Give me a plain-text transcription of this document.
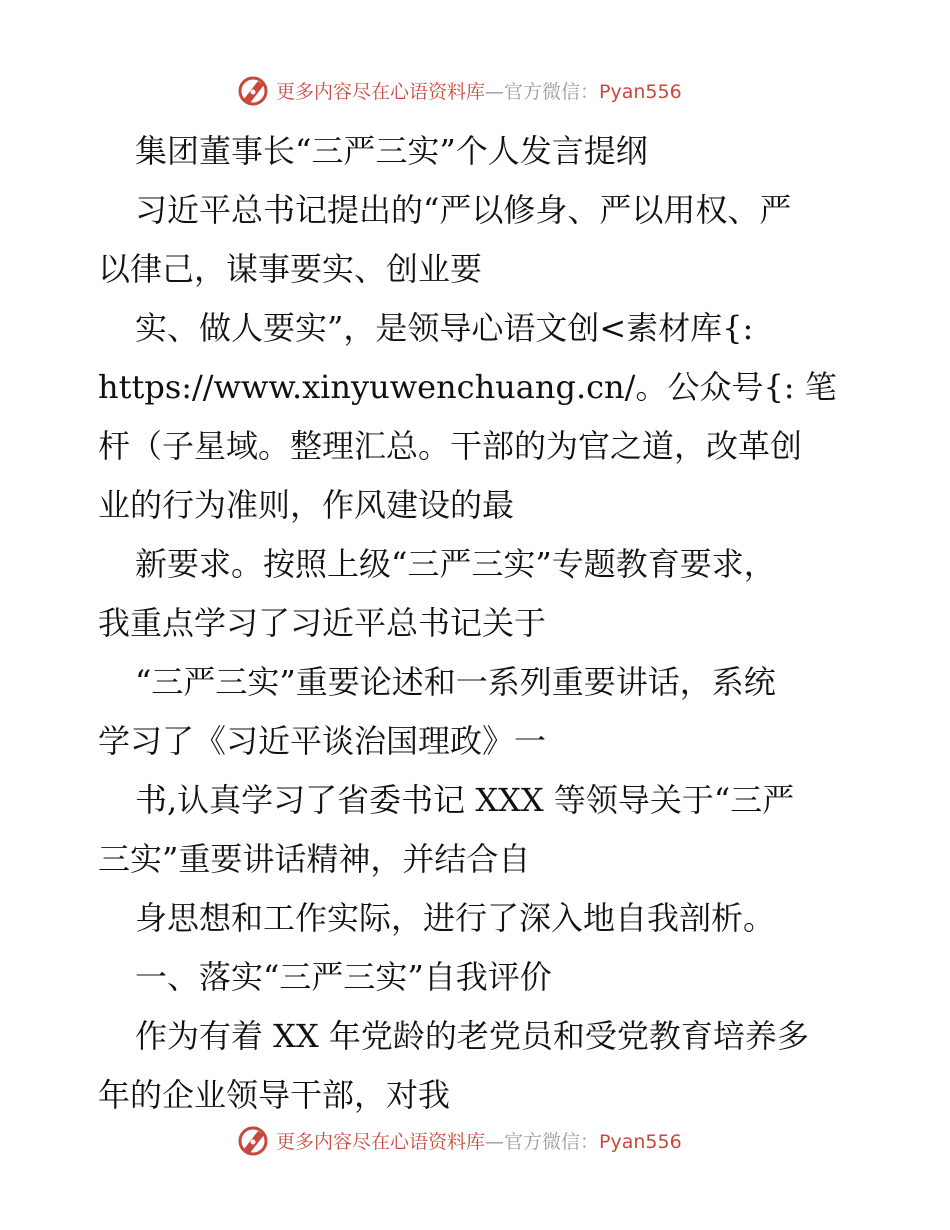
更多内容尽在心语资料库—官方微信：Pyan556
集团董事长“三严三实”个人发言提纲
习近平总书记提出的“严以修身、严以用权、严
以律己，谋事要实、创业要
实、做人要实”，是领导心语文创<素材库{:
https://www.xinyuwenchuang.cn/。公众号{: 笔
杆（子星域。整理汇总。干部的为官之道，改革创
业的行为准则，作风建设的最
新要求。按照上级“三严三实”专题教育要求，
我重点学习了习近平总书记关于
“三严三实”重要论述和一系列重要讲话，系统
学习了《习近平谈治国理政》一
书,认真学习了省委书记 XXX 等领导关于“三严
三实”重要讲话精神，并结合自
身思想和工作实际，进行了深入地自我剖析。
一、落实“三严三实”自我评价
作为有着 XX 年党龄的老党员和受党教育培养多
年的企业领导干部，对我
更多内容尽在心语资料库—官方微信：Pyan556
